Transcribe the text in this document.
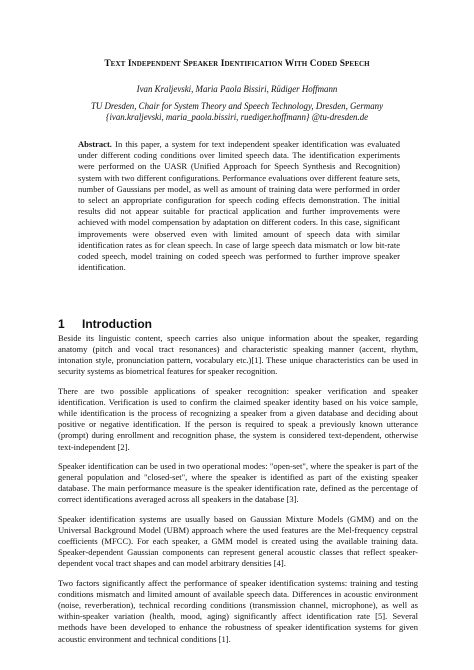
Text Independent Speaker Identification With Coded Speech
Ivan Kraljevski, Maria Paola Bissiri, Rüdiger Hoffmann
TU Dresden, Chair for System Theory and Speech Technology, Dresden, Germany
{ivan.kraljevski, maria_paola.bissiri, ruediger.hoffmann} @tu-dresden.de
Abstract. In this paper, a system for text independent speaker identification was evaluated under different coding conditions over limited speech data. The identification experiments were performed on the UASR (Unified Approach for Speech Synthesis and Recognition) system with two different configurations. Performance evaluations over different feature sets, number of Gaussians per model, as well as amount of training data were performed in order to select an appropriate configuration for speech coding effects demonstration. The initial results did not appear suitable for practical application and further improvements were achieved with model compensation by adaptation on different coders. In this case, significant improvements were observed even with limited amount of speech data with similar identification rates as for clean speech. In case of large speech data mismatch or low bit-rate coded speech, model training on coded speech was performed to further improve speaker identification.
1 Introduction

Beside its linguistic content, speech carries also unique information about the speaker, regarding anatomy (pitch and vocal tract resonances) and characteristic speaking manner (accent, rhythm, intonation style, pronunciation pattern, vocabulary etc.)[1]. These unique characteristics can be used in security systems as biometrical features for speaker recognition.

There are two possible applications of speaker recognition: speaker verification and speaker identification. Verification is used to confirm the claimed speaker identity based on his voice sample, while identification is the process of recognizing a speaker from a given database and deciding about positive or negative identification. If the person is required to speak a previously known utterance (prompt) during enrollment and recognition phase, the system is considered text-dependent, otherwise text-independent [2].

Speaker identification can be used in two operational modes: "open-set", where the speaker is part of the general population and "closed-set", where the speaker is identified as part of the existing speaker database. The main performance measure is the speaker identification rate, defined as the percentage of correct identifications averaged across all speakers in the database [3].

Speaker identification systems are usually based on Gaussian Mixture Models (GMM) and on the Universal Background Model (UBM) approach where the used features are the Mel-frequency cepstral coefficients (MFCC). For each speaker, a GMM model is created using the available training data. Speaker-dependent Gaussian components can represent general acoustic classes that reflect speaker-dependent vocal tract shapes and can model arbitrary densities [4].

Two factors significantly affect the performance of speaker identification systems: training and testing conditions mismatch and limited amount of available speech data. Differences in acoustic environment (noise, reverberation), technical recording conditions (transmission channel, microphone), as well as within-speaker variation (health, mood, aging) significantly affect identification rate [5]. Several methods have been developed to enhance the robustness of speaker identification systems for given acoustic environment and technical conditions [1].
